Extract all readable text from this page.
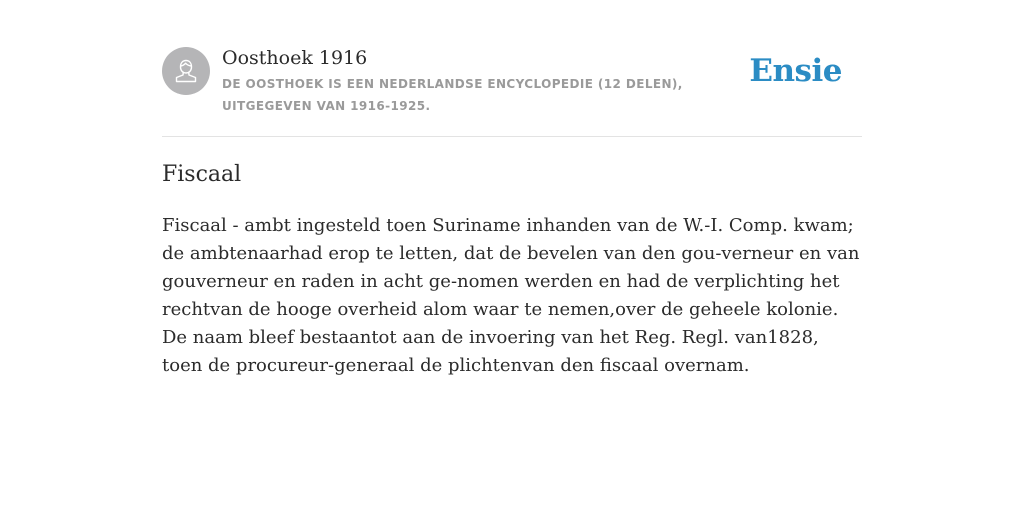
Oosthoek 1916
DE OOSTHOEK IS EEN NEDERLANDSE ENCYCLOPEDIE (12 DELEN), UITGEGEVEN VAN 1916-1925.
Ensie
Fiscaal

Fiscaal - ambt ingesteld toen Suriname inhanden van de W.-I. Comp. kwam; de ambtenaarhad erop te letten, dat de bevelen van den gou-verneur en van gouverneur en raden in acht ge-nomen werden en had de verplichting het rechtvan de hooge overheid alom waar te nemen,over de geheele kolonie. De naam bleef bestaantot aan de invoering van het Reg. Regl. van1828, toen de procureur-generaal de plichtenvan den fiscaal overnam.
